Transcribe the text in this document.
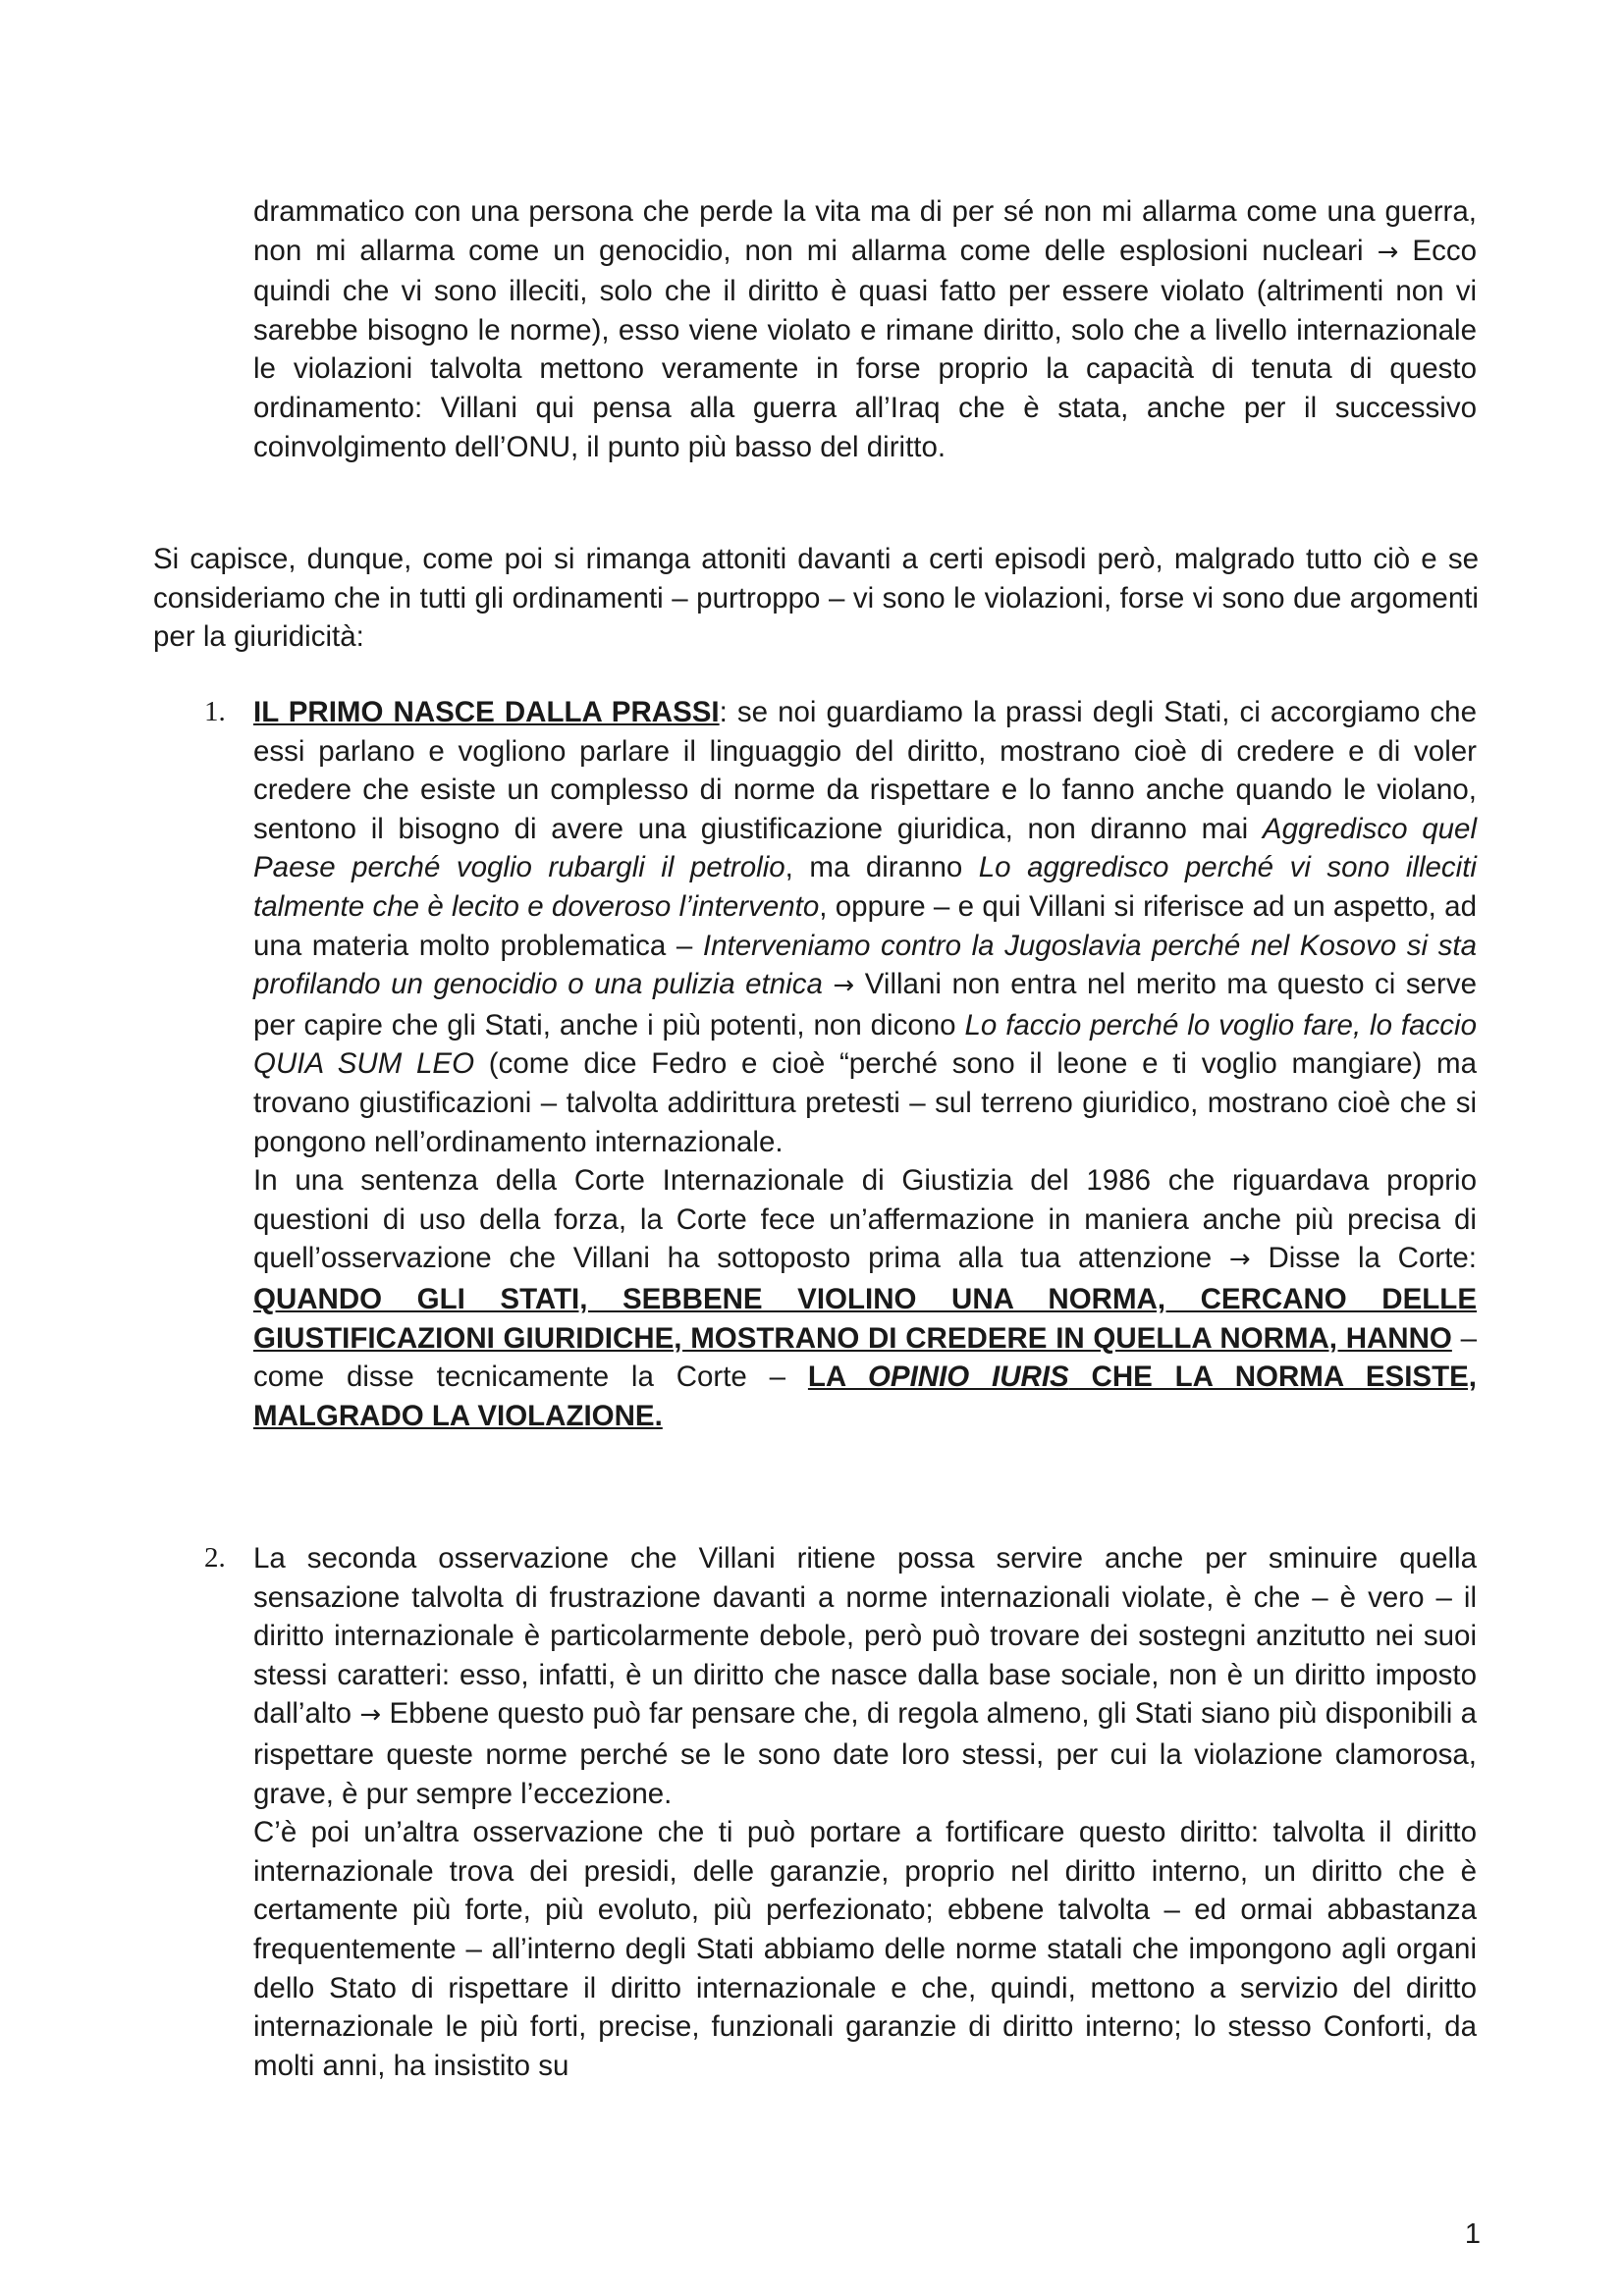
drammatico con una persona che perde la vita ma di per sé non mi allarma come una guerra, non mi allarma come un genocidio, non mi allarma come delle esplosioni nucleari → Ecco quindi che vi sono illeciti, solo che il diritto è quasi fatto per essere violato (altrimenti non vi sarebbe bisogno le norme), esso viene violato e rimane diritto, solo che a livello internazionale le violazioni talvolta mettono veramente in forse proprio la capacità di tenuta di questo ordinamento: Villani qui pensa alla guerra all’Iraq che è stata, anche per il successivo coinvolgimento dell’ONU, il punto più basso del diritto.

Si capisce, dunque, come poi si rimanga attoniti davanti a certi episodi però, malgrado tutto ciò e se consideriamo che in tutti gli ordinamenti – purtroppo – vi sono le violazioni, forse vi sono due argomenti per la giuridicità:

1. IL PRIMO NASCE DALLA PRASSI: se noi guardiamo la prassi degli Stati, ci accorgiamo che essi parlano e vogliono parlare il linguaggio del diritto, mostrano cioè di credere e di voler credere che esiste un complesso di norme da rispettare e lo fanno anche quando le violano, sentono il bisogno di avere una giustificazione giuridica, non diranno mai Aggredisco quel Paese perché voglio rubargli il petrolio, ma diranno Lo aggredisco perché vi sono illeciti talmente che è lecito e doveroso l’intervento, oppure – e qui Villani si riferisce ad un aspetto, ad una materia molto problematica – Interveniamo contro la Jugoslavia perché nel Kosovo si sta profilando un genocidio o una pulizia etnica → Villani non entra nel merito ma questo ci serve per capire che gli Stati, anche i più potenti, non dicono Lo faccio perché lo voglio fare, lo faccio QUIA SUM LEO (come dice Fedro e cioè “perché sono il leone e ti voglio mangiare) ma trovano giustificazioni – talvolta addirittura pretesti – sul terreno giuridico, mostrano cioè che si pongono nell’ordinamento internazionale.
In una sentenza della Corte Internazionale di Giustizia del 1986 che riguardava proprio questioni di uso della forza, la Corte fece un’affermazione in maniera anche più precisa di quell’osservazione che Villani ha sottoposto prima alla tua attenzione → Disse la Corte: QUANDO GLI STATI, SEBBENE VIOLINO UNA NORMA, CERCANO DELLE GIUSTIFICAZIONI GIURIDICHE, MOSTRANO DI CREDERE IN QUELLA NORMA, HANNO – come disse tecnicamente la Corte – LA OPINIO IURIS CHE LA NORMA ESISTE, MALGRADO LA VIOLAZIONE.
2. La seconda osservazione che Villani ritiene possa servire anche per sminuire quella sensazione talvolta di frustrazione davanti a norme internazionali violate, è che – è vero – il diritto internazionale è particolarmente debole, però può trovare dei sostegni anzitutto nei suoi stessi caratteri: esso, infatti, è un diritto che nasce dalla base sociale, non è un diritto imposto dall’alto → Ebbene questo può far pensare che, di regola almeno, gli Stati siano più disponibili a rispettare queste norme perché se le sono date loro stessi, per cui la violazione clamorosa, grave, è pur sempre l’eccezione.
C’è poi un’altra osservazione che ti può portare a fortificare questo diritto: talvolta il diritto internazionale trova dei presidi, delle garanzie, proprio nel diritto interno, un diritto che è certamente più forte, più evoluto, più perfezionato; ebbene talvolta – ed ormai abbastanza frequentemente – all’interno degli Stati abbiamo delle norme statali che impongono agli organi dello Stato di rispettare il diritto internazionale e che, quindi, mettono a servizio del diritto internazionale le più forti, precise, funzionali garanzie di diritto interno; lo stesso Conforti, da molti anni, ha insistito su
1
